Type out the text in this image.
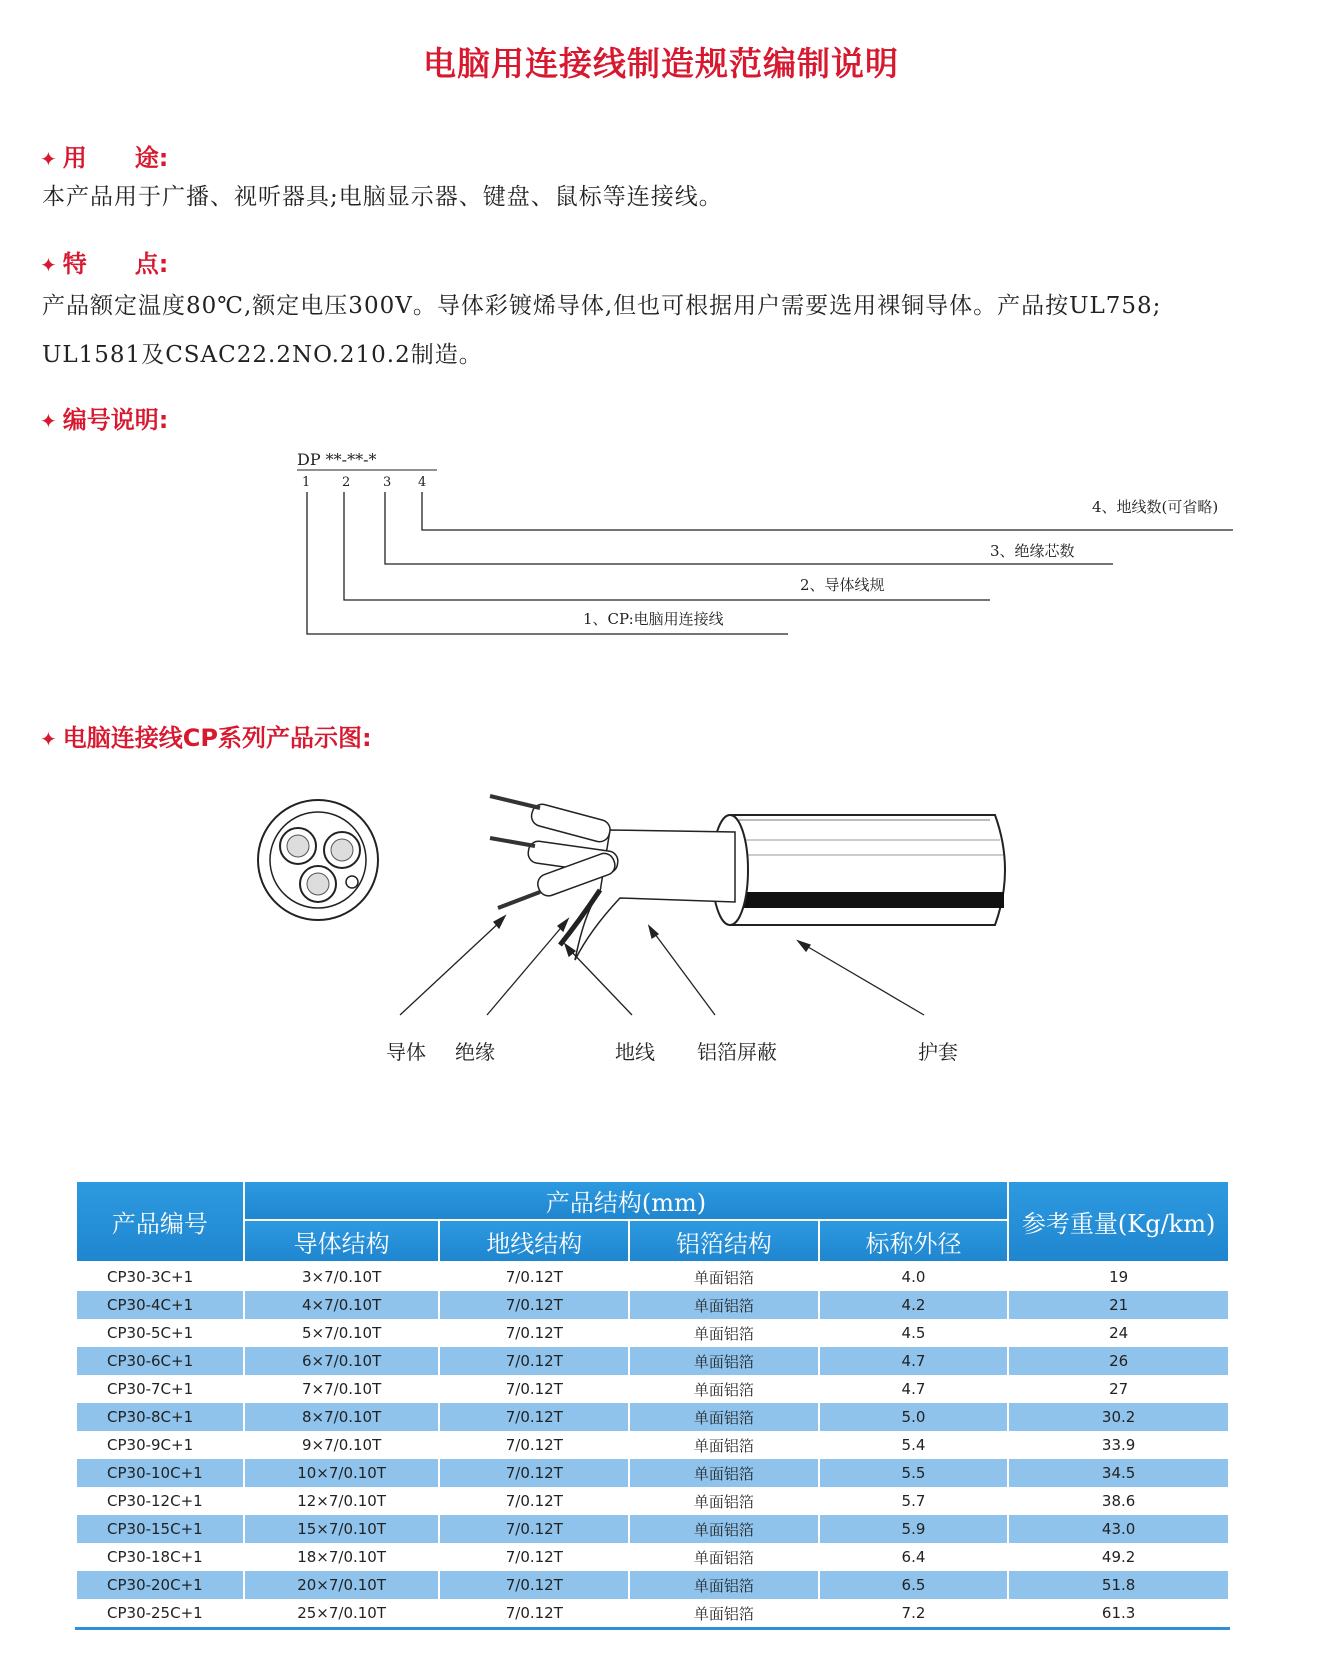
电脑用连接线制造规范编制说明
✦ 用 途:
本产品用于广播、视听器具;电脑显示器、键盘、鼠标等连接线。
✦ 特 点:
产品额定温度80℃,额定电压300V。导体彩镀烯导体,但也可根据用户需要选用裸铜导体。产品按UL758;
UL1581及CSAC22.2NO.210.2制造。
✦ 编号说明:
DP **-**-*
1 2	3 4
4、地线数(可省略)
3、绝缘芯数
2、导体线规
1、CP:电脑用连接线
✦ 电脑连接线CP系列产品示图:
导体 绝缘	地线 铝箔屏蔽	护套
产品编号	产品结构(mm)				参考重量(Kg/km)
	导体结构	地线结构	铝箔结构	标称外径	
CP30-3C+1	3×7/0.10T	7/0.12T	单面铝箔	4.0	19
CP30-4C+1	4×7/0.10T	7/0.12T	单面铝箔	4.2	21
CP30-5C+1	5×7/0.10T	7/0.12T	单面铝箔	4.5	24
CP30-6C+1	6×7/0.10T	7/0.12T	单面铝箔	4.7	26
CP30-7C+1	7×7/0.10T	7/0.12T	单面铝箔	4.7	27
CP30-8C+1	8×7/0.10T	7/0.12T	单面铝箔	5.0	30.2
CP30-9C+1	9×7/0.10T	7/0.12T	单面铝箔	5.4	33.9
CP30-10C+1	10×7/0.10T	7/0.12T	单面铝箔	5.5	34.5
CP30-12C+1	12×7/0.10T	7/0.12T	单面铝箔	5.7	38.6
CP30-15C+1	15×7/0.10T	7/0.12T	单面铝箔	5.9	43.0
CP30-18C+1	18×7/0.10T	7/0.12T	单面铝箔	6.4	49.2
CP30-20C+1	20×7/0.10T	7/0.12T	单面铝箔	6.5	51.8
CP30-25C+1	25×7/0.10T	7/0.12T	单面铝箔	7.2	61.3
